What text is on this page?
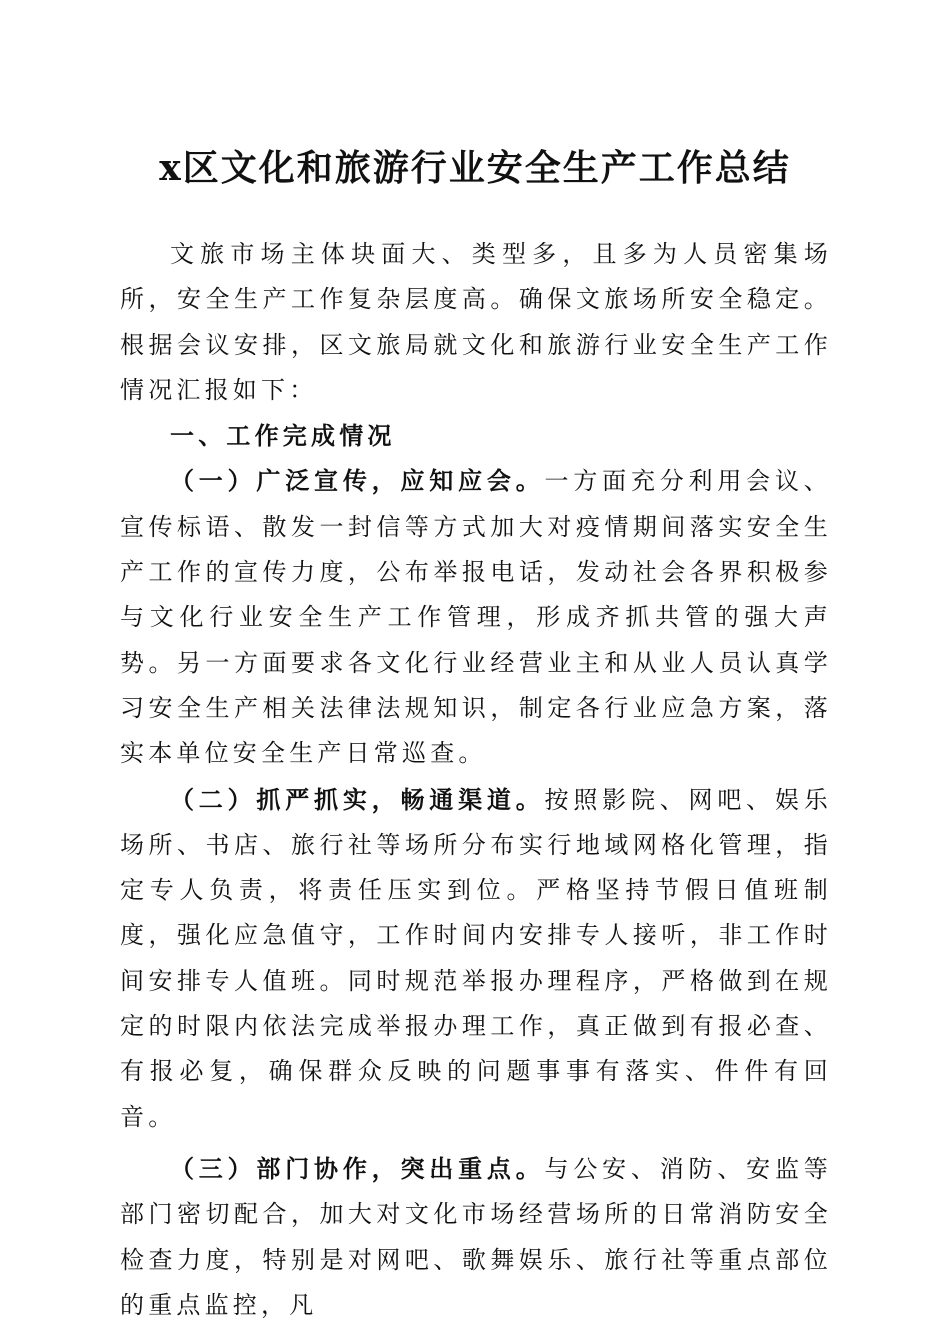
x区文化和旅游行业安全生产工作总结

文旅市场主体块面大、类型多，且多为人员密集场所，安全生产工作复杂层度高。确保文旅场所安全稳定。根据会议安排，区文旅局就文化和旅游行业安全生产工作情况汇报如下：

一、工作完成情况

（一）广泛宣传，应知应会。一方面充分利用会议、宣传标语、散发一封信等方式加大对疫情期间落实安全生产工作的宣传力度，公布举报电话，发动社会各界积极参与文化行业安全生产工作管理，形成齐抓共管的强大声势。另一方面要求各文化行业经营业主和从业人员认真学习安全生产相关法律法规知识，制定各行业应急方案，落实本单位安全生产日常巡查。

（二）抓严抓实，畅通渠道。按照影院、网吧、娱乐场所、书店、旅行社等场所分布实行地域网格化管理，指定专人负责，将责任压实到位。严格坚持节假日值班制度，强化应急值守，工作时间内安排专人接听，非工作时间安排专人值班。同时规范举报办理程序，严格做到在规定的时限内依法完成举报办理工作，真正做到有报必查、有报必复，确保群众反映的问题事事有落实、件件有回音。

（三）部门协作，突出重点。与公安、消防、安监等部门密切配合，加大对文化市场经营场所的日常消防安全检查力度，特别是对网吧、歌舞娱乐、旅行社等重点部位的重点监控，凡
